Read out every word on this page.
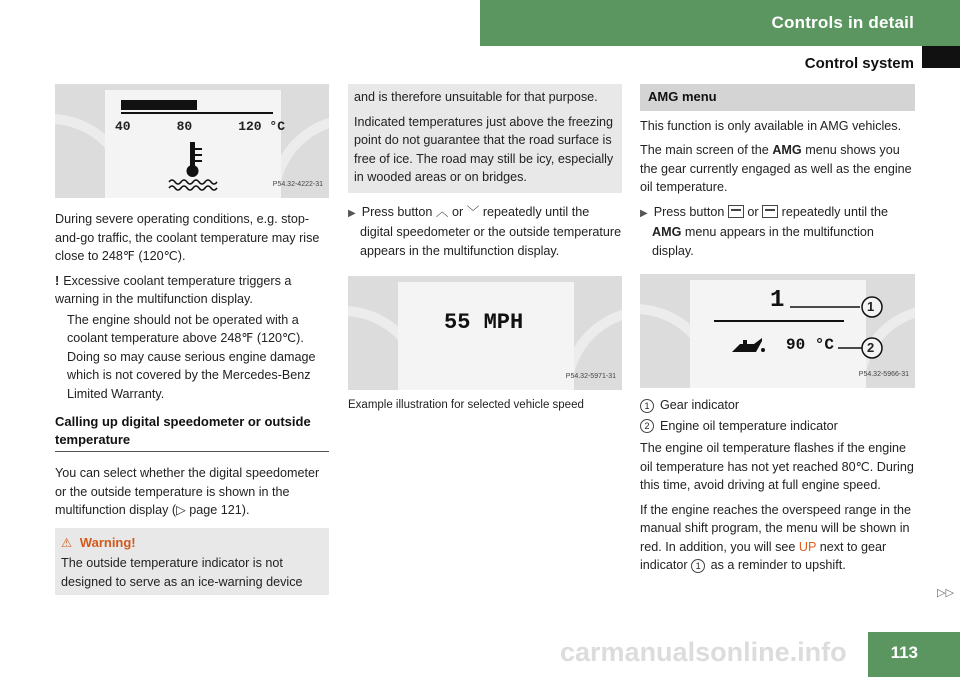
Controls in detail
Control system
40	80	120 °C
P54.32-4222-31

During severe operating conditions, e.g. stop-and-go traffic, the coolant temperature may rise close to 248℉ (120℃).

! Excessive coolant temperature triggers a warning in the multifunction display.

The engine should not be operated with a coolant temperature above 248℉ (120℃). Doing so may cause serious engine damage which is not covered by the Mercedes-Benz Limited Warranty.

Calling up digital speedometer or outside temperature

You can select whether the digital speedometer or the outside temperature is shown in the multifunction display (▷ page 121).

⚠ Warning!
The outside temperature indicator is not designed to serve as an ice-warning device

and is therefore unsuitable for that purpose.

Indicated temperatures just above the freezing point do not guarantee that the road surface is free of ice. The road may still be icy, especially in wooded areas or on bridges.

▶ Press button ︿ or ﹀ repeatedly until the digital speedometer or the outside temperature appears in the multifunction display.

55 MPH
P54.32-5971-31
Example illustration for selected vehicle speed
AMG menu

This function is only available in AMG vehicles.

The main screen of the AMG menu shows you the gear currently engaged as well as the engine oil temperature.

▶ Press button or repeatedly until the AMG menu appears in the multifunction display.

1
90 °C
1
2
P54.32-5966-31

1 Gear indicator

2 Engine oil temperature indicator

The engine oil temperature flashes if the engine oil temperature has not yet reached 80℃. During this time, avoid driving at full engine speed.

If the engine reaches the overspeed range in the manual shift program, the menu will be shown in red. In addition, you will see UP next to gear indicator 1 as a reminder to upshift.

▷▷
carmanualsonline.info	113
